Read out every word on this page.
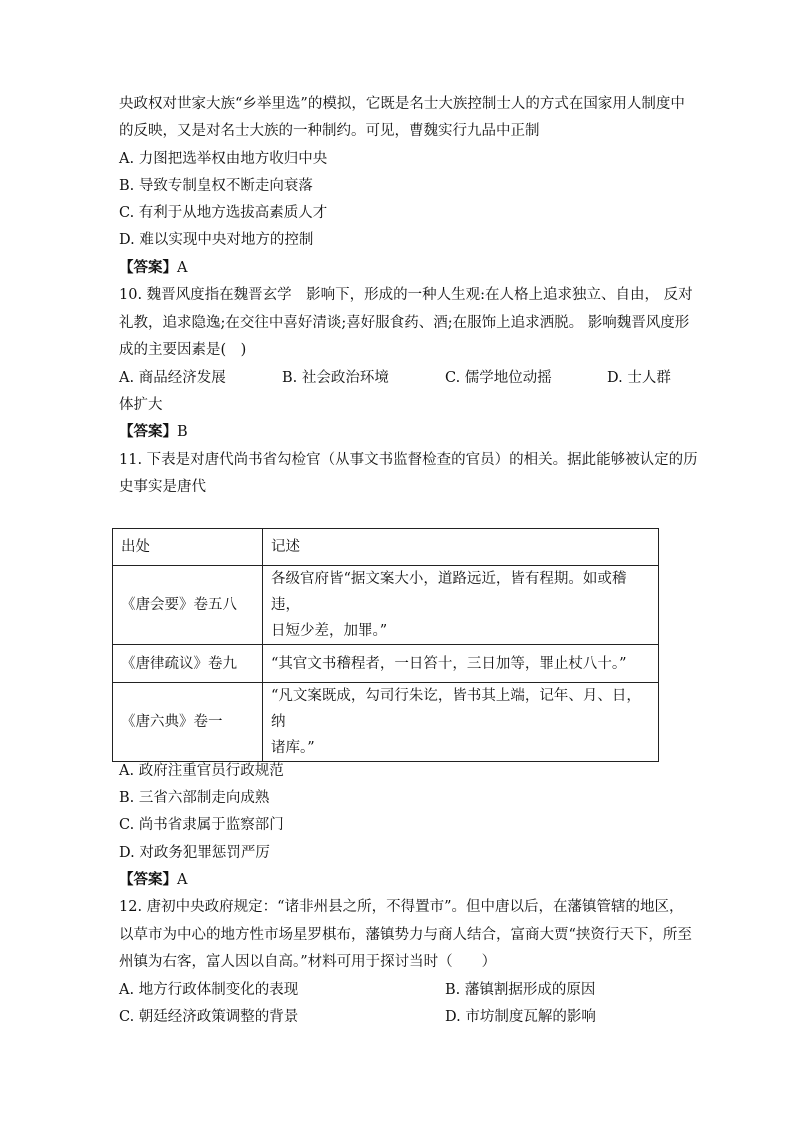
央政权对世家大族“乡举里选”的模拟，它既是名士大族控制士人的方式在国家用人制度中
的反映，又是对名士大族的一种制约。可见，曹魏实行九品中正制
A. 力图把选举权由地方收归中央
B. 导致专制皇权不断走向衰落
C. 有利于从地方选拔高素质人才
D. 难以实现中央对地方的控制
【答案】A
10. 魏晋风度指在魏晋玄学　影响下，形成的一种人生观:在人格上追求独立、自由， 反对
礼教，追求隐逸;在交往中喜好清谈;喜好服食药、酒;在服饰上追求洒脱。 影响魏晋风度形
成的主要因素是(　)
A. 商品经济发展	B. 社会政治环境	C. 儒学地位动摇	D. 士人群
体扩大
【答案】B
11. 下表是对唐代尚书省勾检官（从事文书监督检查的官员）的相关。据此能够被认定的历
史事实是唐代
出处	记述
《唐会要》卷五八	各级官府皆“据文案大小，道路远近，皆有程期。如或稽违，
日短少差，加罪。”

《唐律疏议》卷九	“其官文书稽程者，一日笞十，三日加等，罪止杖八十。”

《唐六典》卷一	“凡文案既成，勾司行朱讫，皆书其上端，记年、月、日，纳
诸库。”
A. 政府注重官员行政规范
B. 三省六部制走向成熟
C. 尚书省隶属于监察部门
D. 对政务犯罪惩罚严厉
【答案】A
12. 唐初中央政府规定：“诸非州县之所，不得置市”。但中唐以后，在藩镇管辖的地区，
以草市为中心的地方性市场星罗棋布，藩镇势力与商人结合，富商大贾“挟资行天下，所至
州镇为右客，富人因以自高。”材料可用于探讨当时（　　）
A. 地方行政体制变化的表现	B. 藩镇割据形成的原因
C. 朝廷经济政策调整的背景	D. 市坊制度瓦解的影响
